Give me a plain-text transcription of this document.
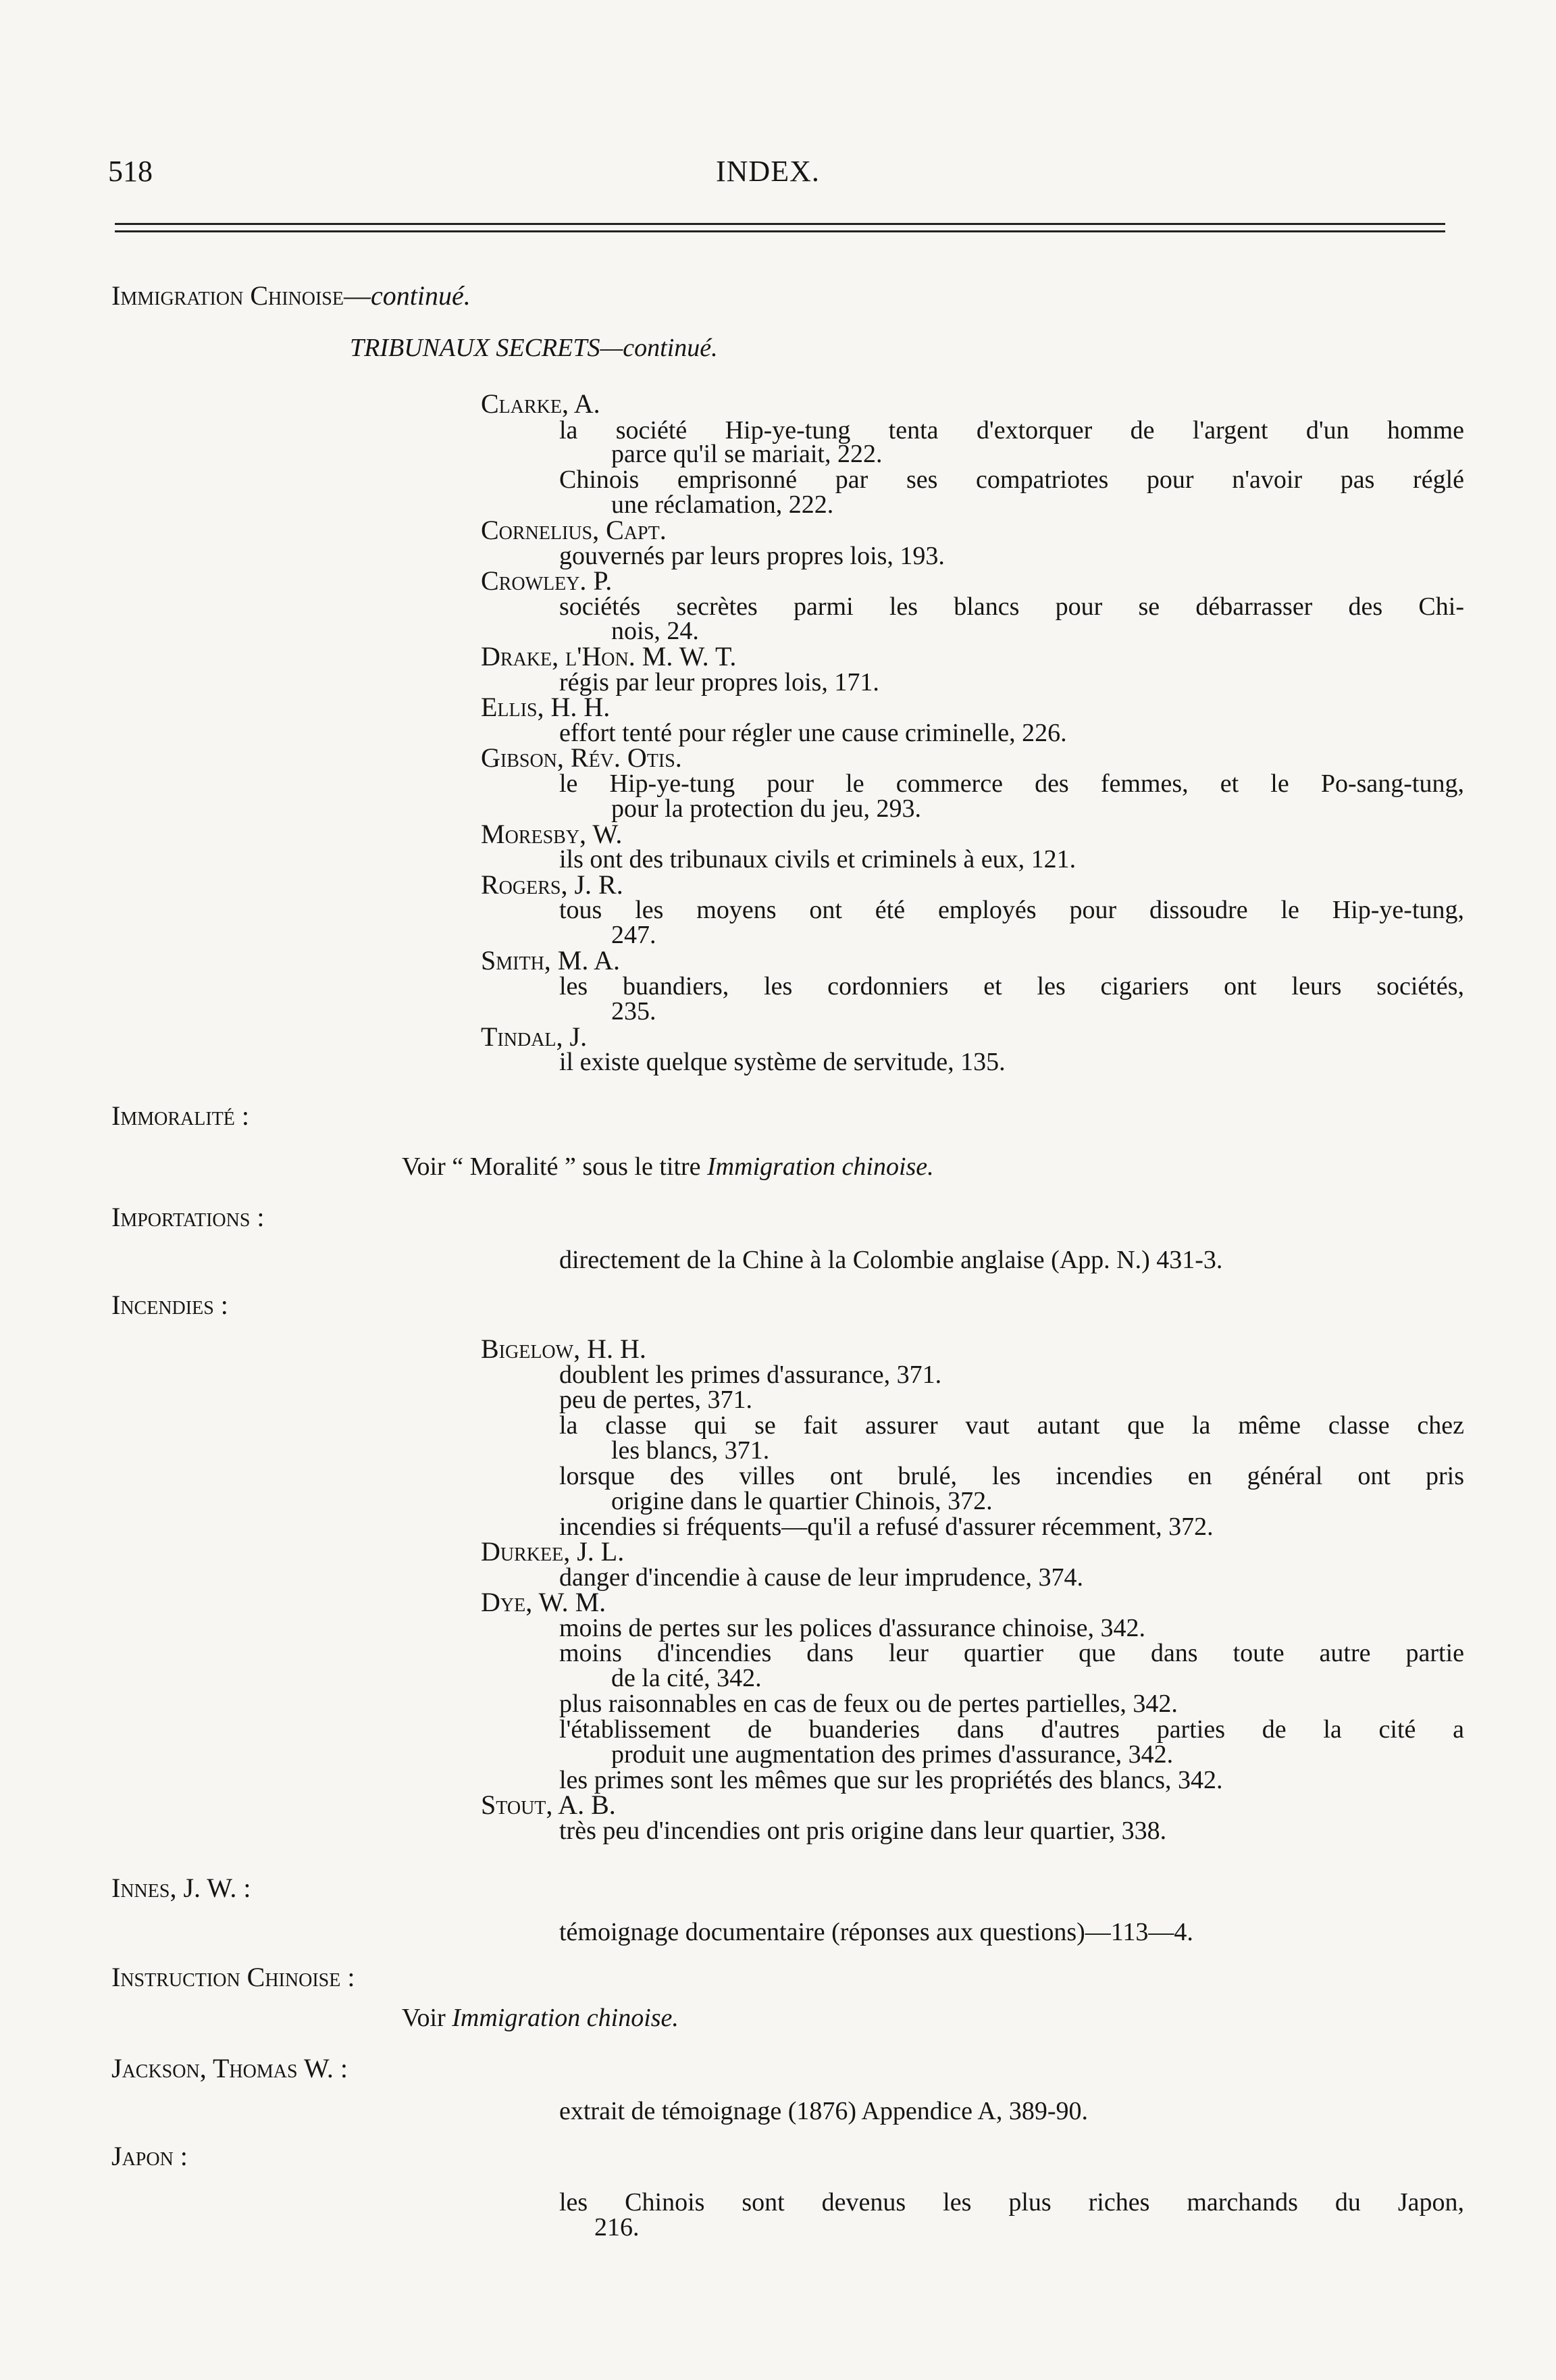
518	INDEX.
Immigration Chinoise—continué.
TRIBUNAUX SECRETS—continué.
Clarke, A.
la société Hip-ye-tung tenta d'extorquer de l'argent d'un homme
parce qu'il se mariait, 222.
Chinois emprisonné par ses compatriotes pour n'avoir pas réglé
une réclamation, 222.
Cornelius, Capt.
gouvernés par leurs propres lois, 193.
Crowley. P.
sociétés secrètes parmi les blancs pour se débarrasser des Chi-
nois, 24.
Drake, l'Hon. M. W. T.
régis par leur propres lois, 171.
Ellis, H. H.
effort tenté pour régler une cause criminelle, 226.
Gibson, Rév. Otis.
le Hip-ye-tung pour le commerce des femmes, et le Po-sang-tung,
pour la protection du jeu, 293.
Moresby, W.
ils ont des tribunaux civils et criminels à eux, 121.
Rogers, J. R.
tous les moyens ont été employés pour dissoudre le Hip-ye-tung,
247.
Smith, M. A.
les buandiers, les cordonniers et les cigariers ont leurs sociétés,
235.
Tindal, J.
il existe quelque système de servitude, 135.
Immoralité :
Voir “ Moralité ” sous le titre Immigration chinoise.
Importations :
directement de la Chine à la Colombie anglaise (App. N.) 431-3.
Incendies :
Bigelow, H. H.
doublent les primes d'assurance, 371.
peu de pertes, 371.
la classe qui se fait assurer vaut autant que la même classe chez
les blancs, 371.
lorsque des villes ont brulé, les incendies en général ont pris
origine dans le quartier Chinois, 372.
incendies si fréquents—qu'il a refusé d'assurer récemment, 372.
Durkee, J. L.
danger d'incendie à cause de leur imprudence, 374.
Dye, W. M.
moins de pertes sur les polices d'assurance chinoise, 342.
moins d'incendies dans leur quartier que dans toute autre partie
de la cité, 342.
plus raisonnables en cas de feux ou de pertes partielles, 342.
l'établissement de buanderies dans d'autres parties de la cité a
produit une augmentation des primes d'assurance, 342.
les primes sont les mêmes que sur les propriétés des blancs, 342.
Stout, A. B.
très peu d'incendies ont pris origine dans leur quartier, 338.
Innes, J. W. :
témoignage documentaire (réponses aux questions)—113—4.
Instruction Chinoise :
Voir Immigration chinoise.
Jackson, Thomas W. :
extrait de témoignage (1876) Appendice A, 389-90.
Japon :
les Chinois sont devenus les plus riches marchands du Japon,
216.
